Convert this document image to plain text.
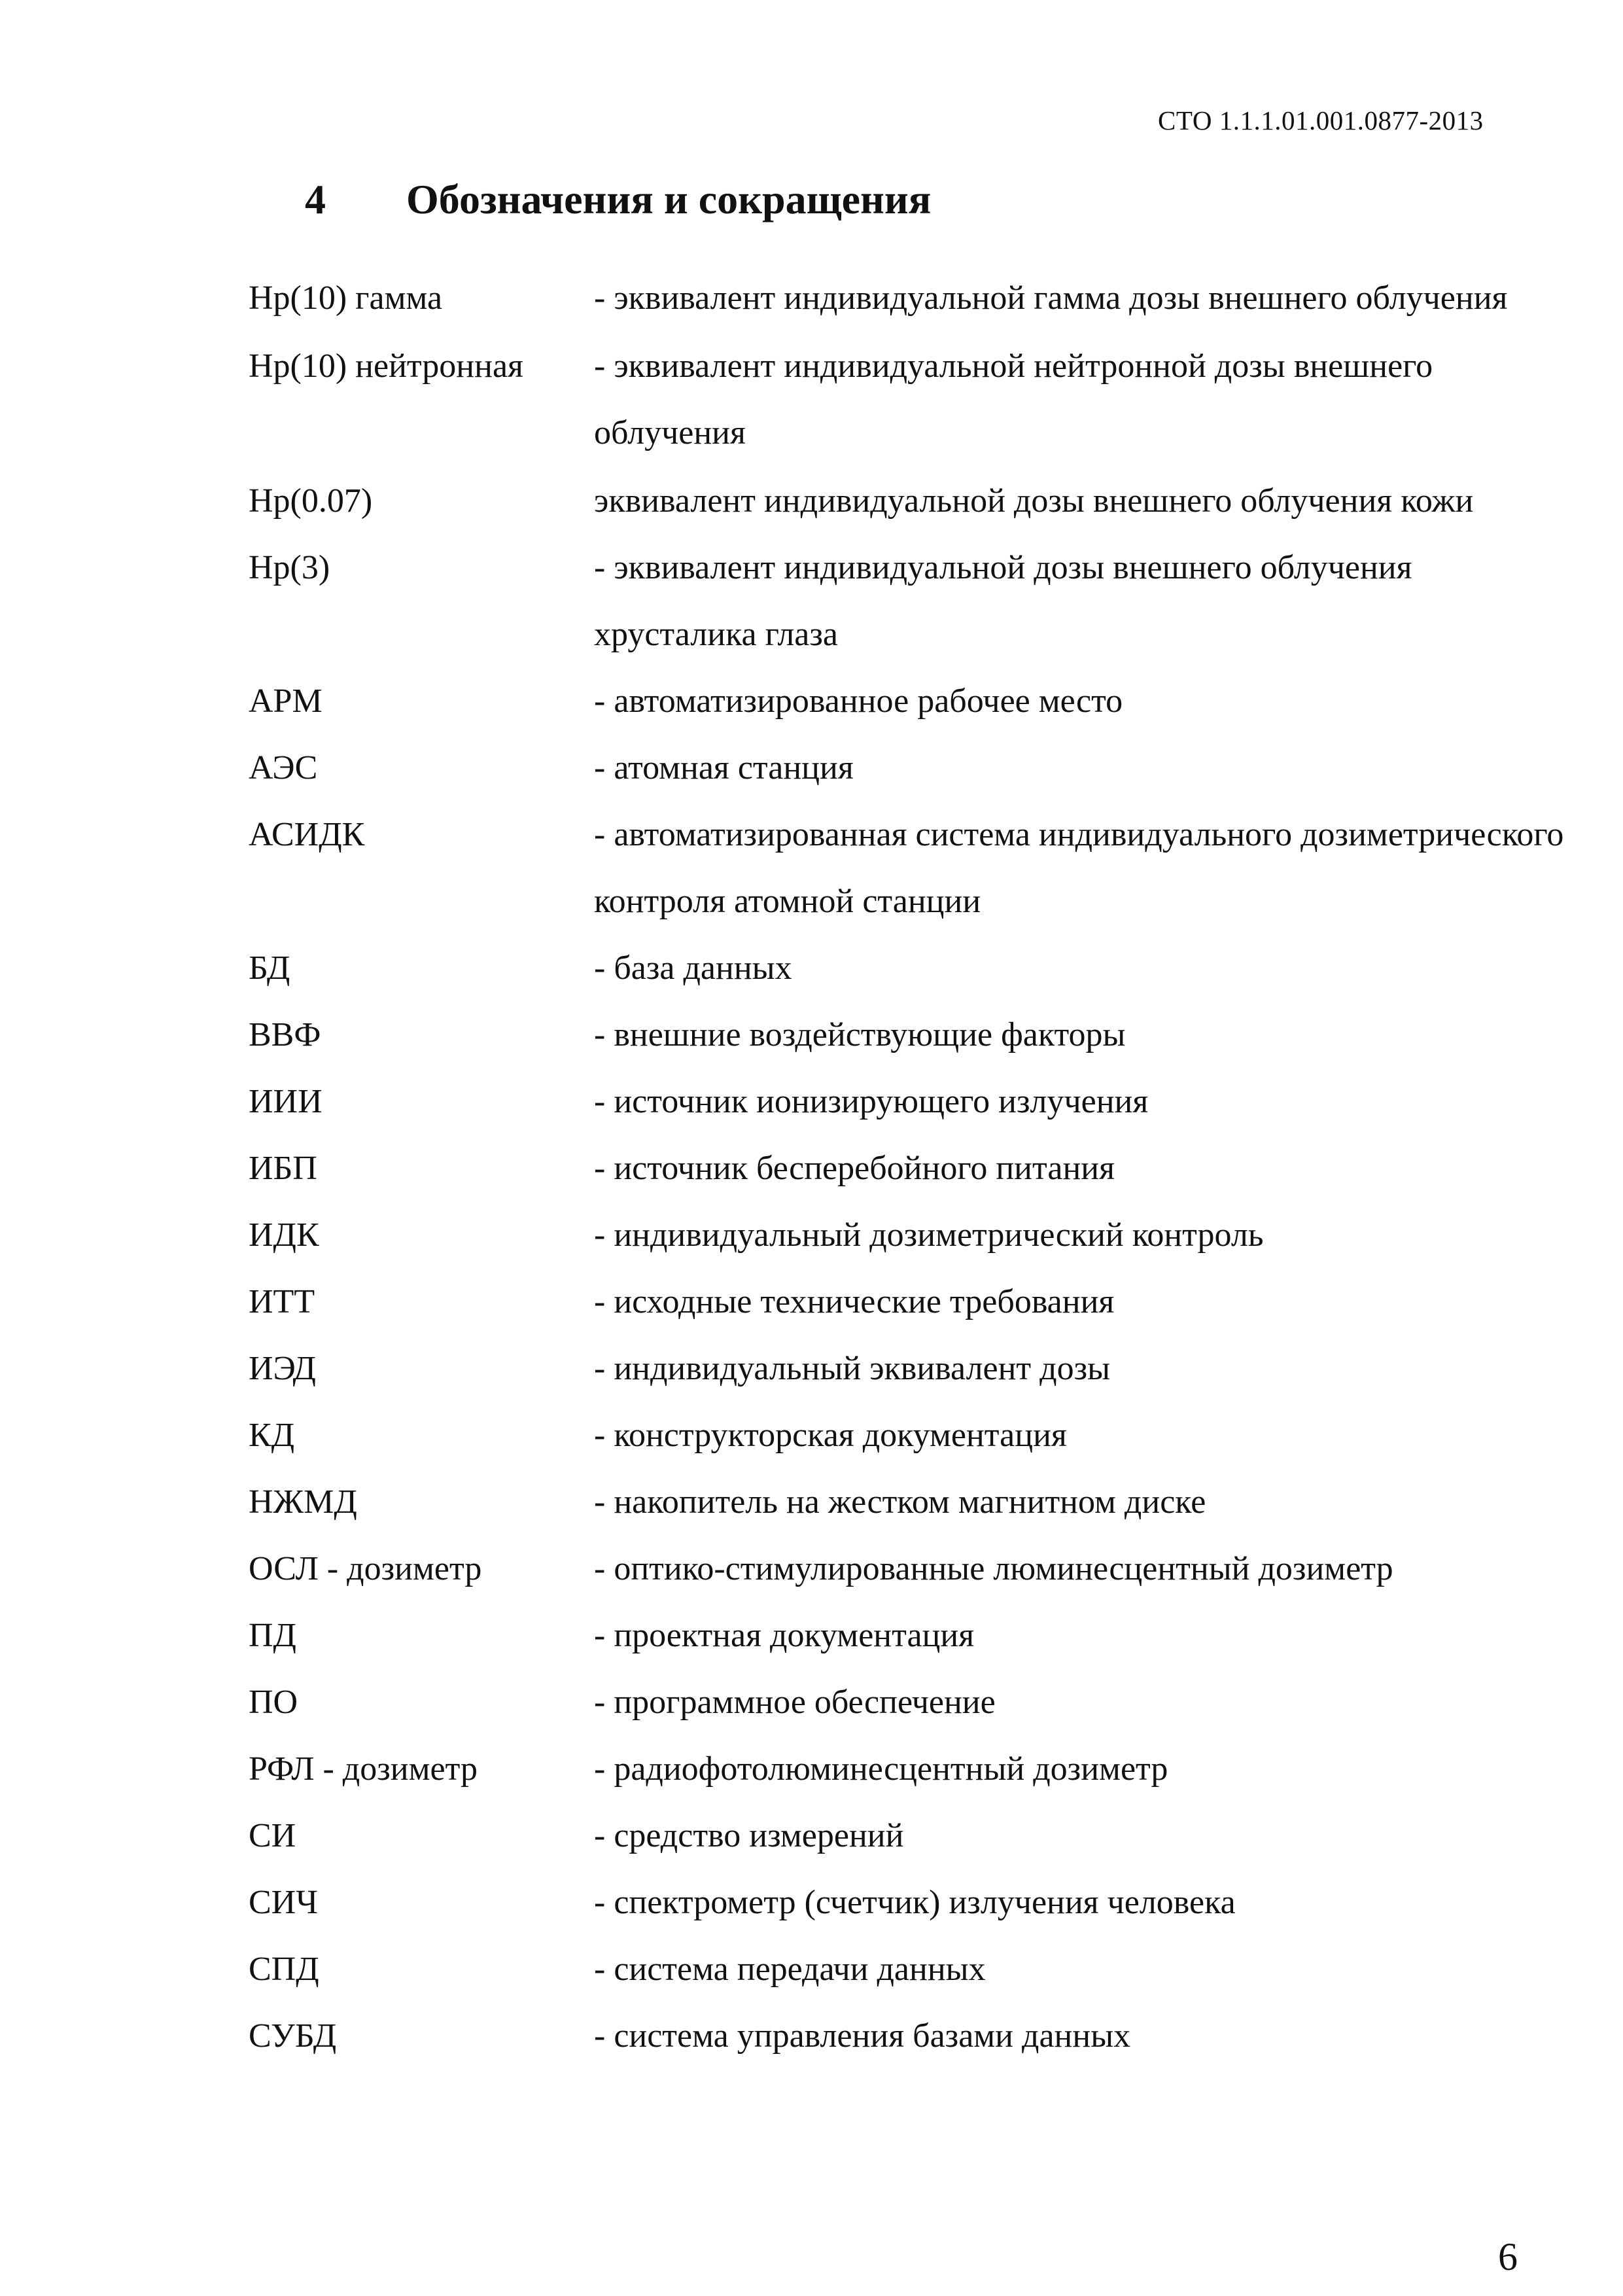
СТО 1.1.1.01.001.0877-2013
4 Обозначения и сокращения
Hp(10) гамма	- эквивалент индивидуальной гамма дозы внешнего облучения
Hp(10) нейтронная	- эквивалент индивидуальной нейтронной дозы внешнего облучения
Hp(0.07)	эквивалент индивидуальной дозы внешнего облучения кожи
Hp(3)	- эквивалент индивидуальной дозы внешнего облучения хрусталика глаза
АРМ	- автоматизированное рабочее место
АЭС	- атомная станция
АСИДК	- автоматизированная система индивидуального дозиметрического контроля атомной станции
БД	- база данных
ВВФ	- внешние воздействующие факторы
ИИИ	- источник ионизирующего излучения
ИБП	- источник бесперебойного питания
ИДК	- индивидуальный дозиметрический контроль
ИТТ	- исходные технические требования
ИЭД	- индивидуальный эквивалент дозы
КД	- конструкторская документация
НЖМД	- накопитель на жестком магнитном диске
ОСЛ - дозиметр	- оптико-стимулированные люминесцентный дозиметр
ПД	- проектная документация
ПО	- программное обеспечение
РФЛ - дозиметр	- радиофотолюминесцентный дозиметр
СИ	- средство измерений
СИЧ	- спектрометр (счетчик) излучения человека
СПД	- система передачи данных
СУБД	- система управления базами данных
6
